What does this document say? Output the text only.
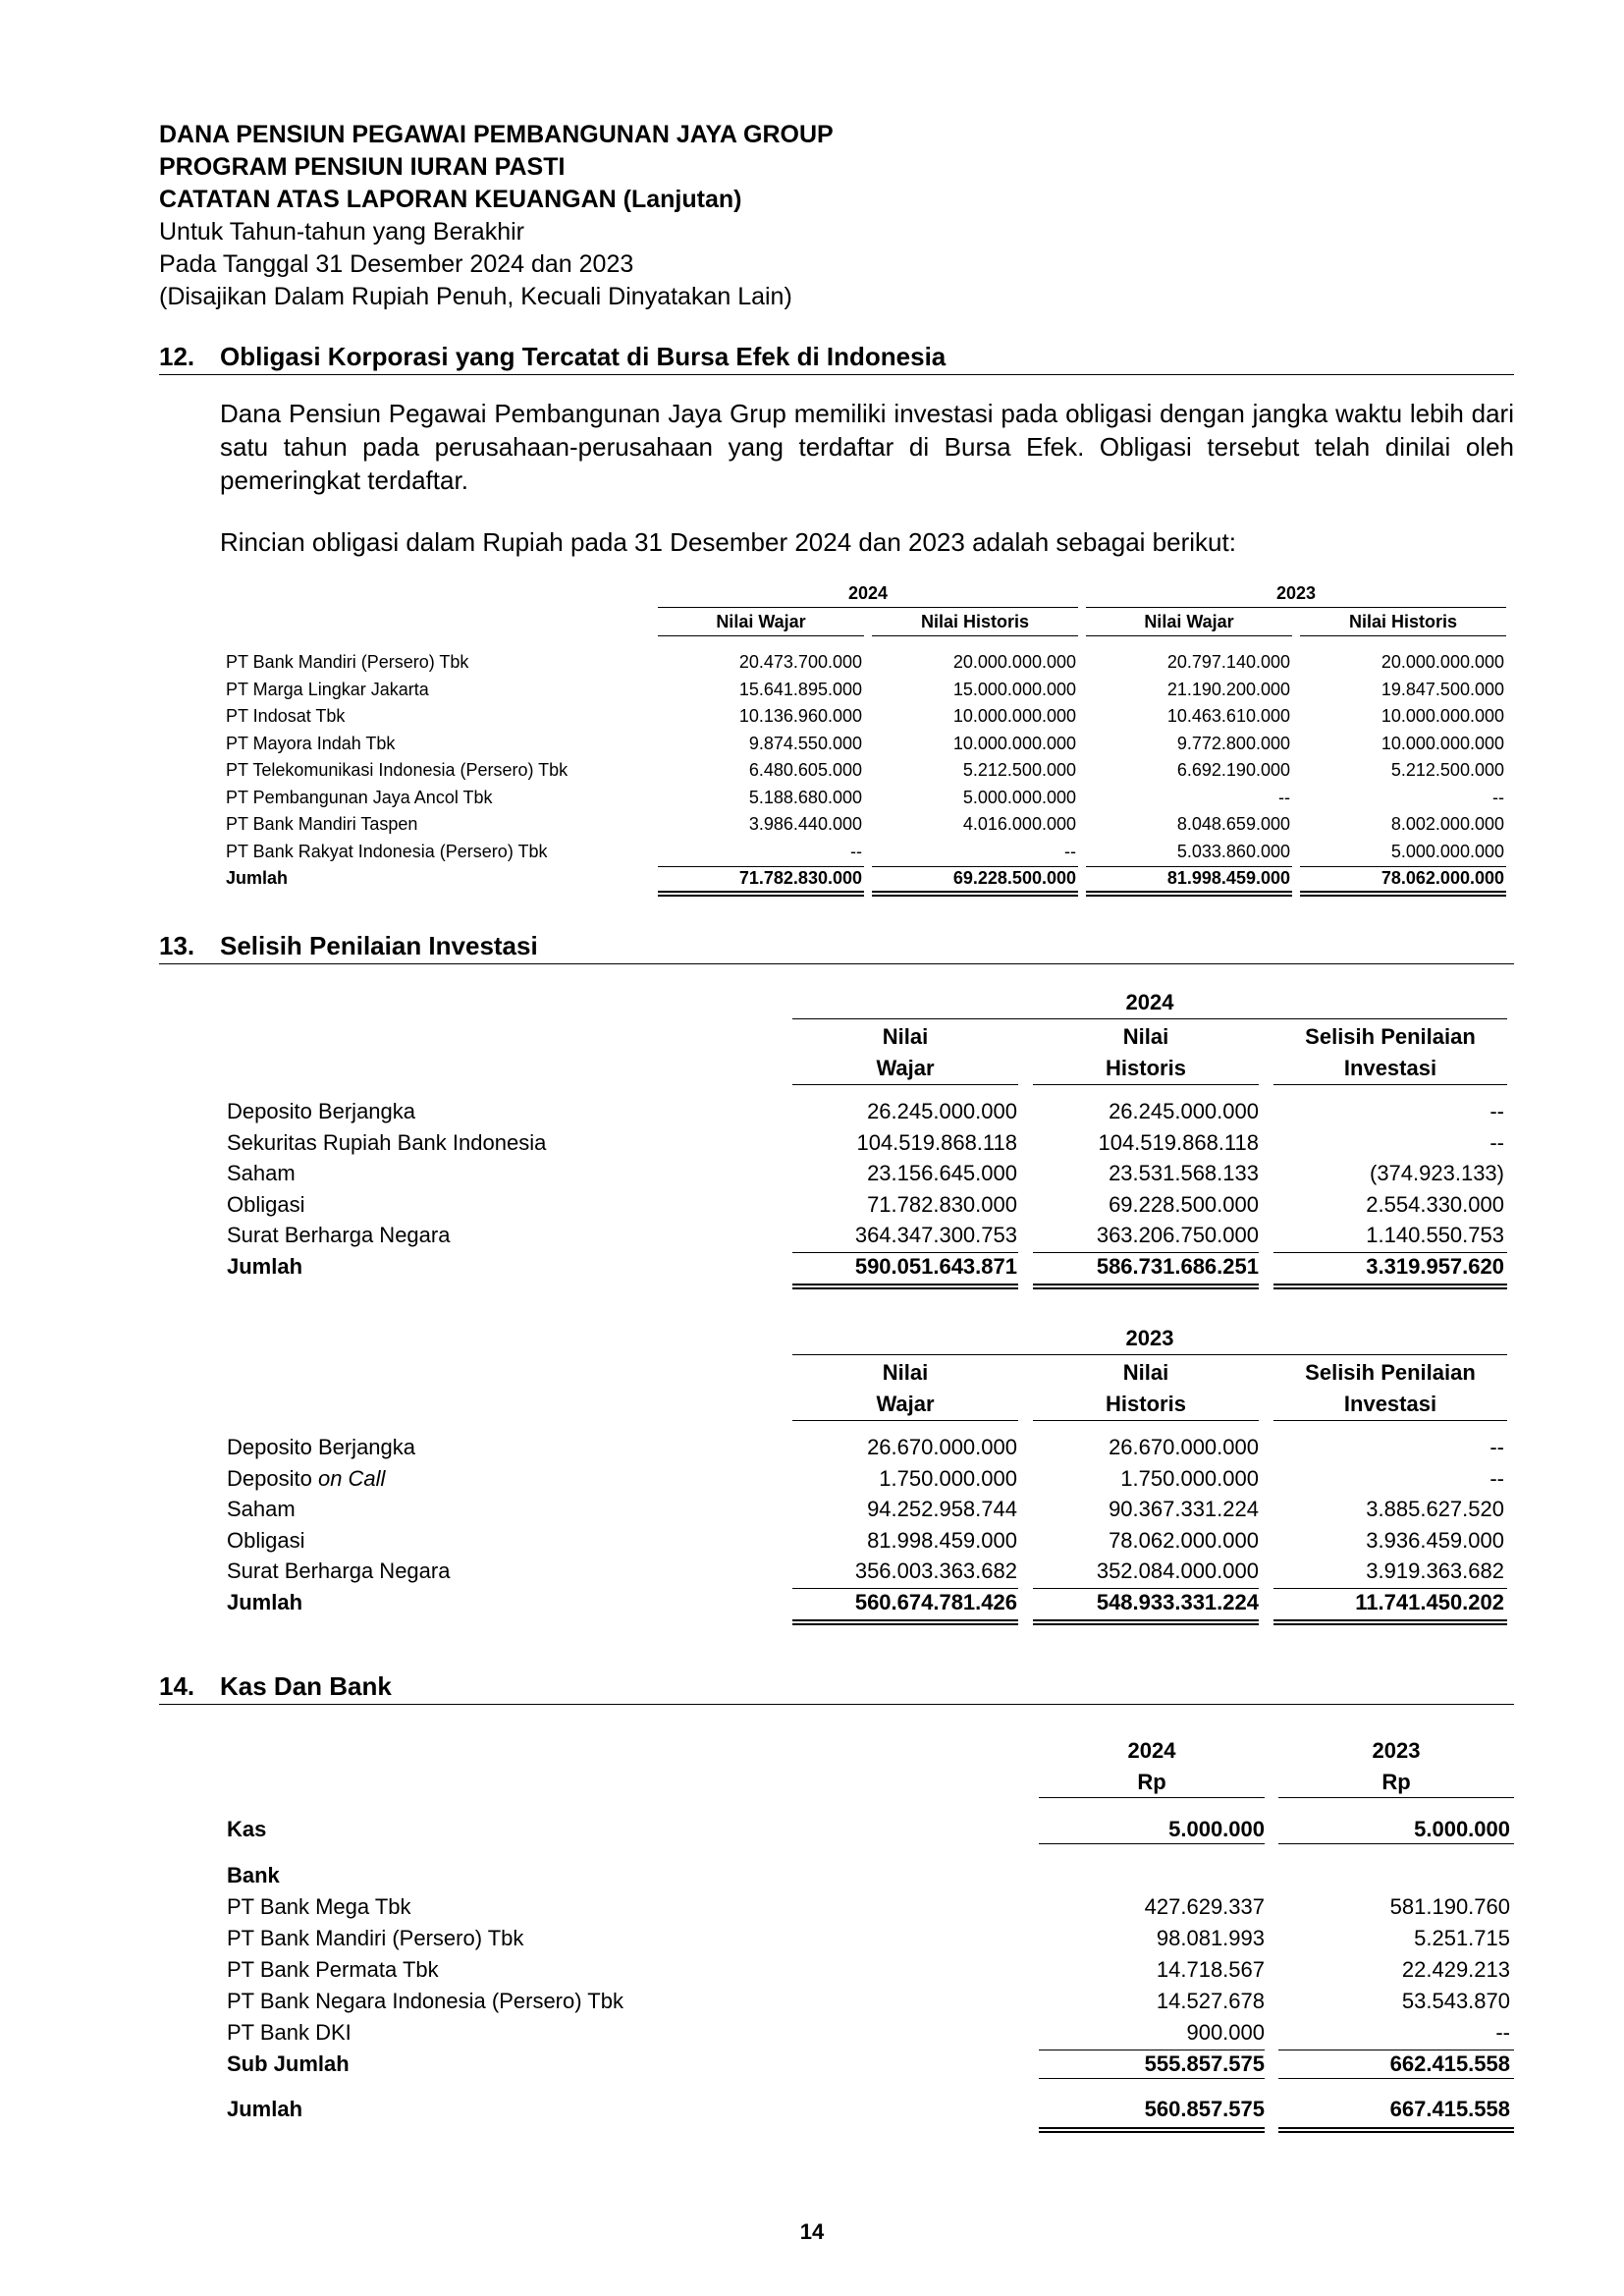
DANA PENSIUN PEGAWAI PEMBANGUNAN JAYA GROUP
PROGRAM PENSIUN IURAN PASTI
CATATAN ATAS LAPORAN KEUANGAN (Lanjutan)
Untuk Tahun-tahun yang Berakhir
Pada Tanggal 31 Desember 2024 dan 2023
(Disajikan Dalam Rupiah Penuh, Kecuali Dinyatakan Lain)
12. Obligasi Korporasi yang Tercatat di Bursa Efek di Indonesia
Dana Pensiun Pegawai Pembangunan Jaya Grup memiliki investasi pada obligasi dengan jangka waktu lebih dari satu tahun pada perusahaan-perusahaan yang terdaftar di Bursa Efek. Obligasi tersebut telah dinilai oleh pemeringkat terdaftar.
Rincian obligasi dalam Rupiah pada 31 Desember 2024 dan 2023 adalah sebagai berikut:
2024	2023
Nilai Wajar	Nilai Historis	Nilai Wajar	Nilai Historis
PT Bank Mandiri (Persero) Tbk	20.473.700.000	20.000.000.000	20.797.140.000	20.000.000.000
PT Marga Lingkar Jakarta	15.641.895.000	15.000.000.000	21.190.200.000	19.847.500.000
PT Indosat Tbk	10.136.960.000	10.000.000.000	10.463.610.000	10.000.000.000
PT Mayora Indah Tbk	9.874.550.000	10.000.000.000	9.772.800.000	10.000.000.000
PT Telekomunikasi Indonesia (Persero) Tbk	6.480.605.000	5.212.500.000	6.692.190.000	5.212.500.000
PT Pembangunan Jaya Ancol Tbk	5.188.680.000	5.000.000.000	--	--
PT Bank Mandiri Taspen	3.986.440.000	4.016.000.000	8.048.659.000	8.002.000.000
PT Bank Rakyat Indonesia (Persero) Tbk	--	--	5.033.860.000	5.000.000.000
Jumlah	71.782.830.000	69.228.500.000	81.998.459.000	78.062.000.000
13. Selisih Penilaian Investasi
2024
Nilai
Wajar
Nilai
Historis
Selisih Penilaian
Investasi
Deposito Berjangka	26.245.000.000	26.245.000.000	--
Sekuritas Rupiah Bank Indonesia	104.519.868.118	104.519.868.118	--
Saham	23.156.645.000	23.531.568.133	(374.923.133)
Obligasi	71.782.830.000	69.228.500.000	2.554.330.000
Surat Berharga Negara	364.347.300.753	363.206.750.000	1.140.550.753
Jumlah	590.051.643.871	586.731.686.251	3.319.957.620
2023
Nilai
Wajar
Nilai
Historis
Selisih Penilaian
Investasi
Deposito Berjangka	26.670.000.000	26.670.000.000	--
Deposito on Call	1.750.000.000	1.750.000.000	--
Saham	94.252.958.744	90.367.331.224	3.885.627.520
Obligasi	81.998.459.000	78.062.000.000	3.936.459.000
Surat Berharga Negara	356.003.363.682	352.084.000.000	3.919.363.682
Jumlah	560.674.781.426	548.933.331.224	11.741.450.202
14. Kas Dan Bank
2024
Rp
2023
Rp
Kas	5.000.000	5.000.000
Bank
PT Bank Mega Tbk	427.629.337	581.190.760
PT Bank Mandiri (Persero) Tbk	98.081.993	5.251.715
PT Bank Permata Tbk	14.718.567	22.429.213
PT Bank Negara Indonesia (Persero) Tbk	14.527.678	53.543.870
PT Bank DKI	900.000	--
Sub Jumlah	555.857.575	662.415.558
Jumlah	560.857.575	667.415.558
14
